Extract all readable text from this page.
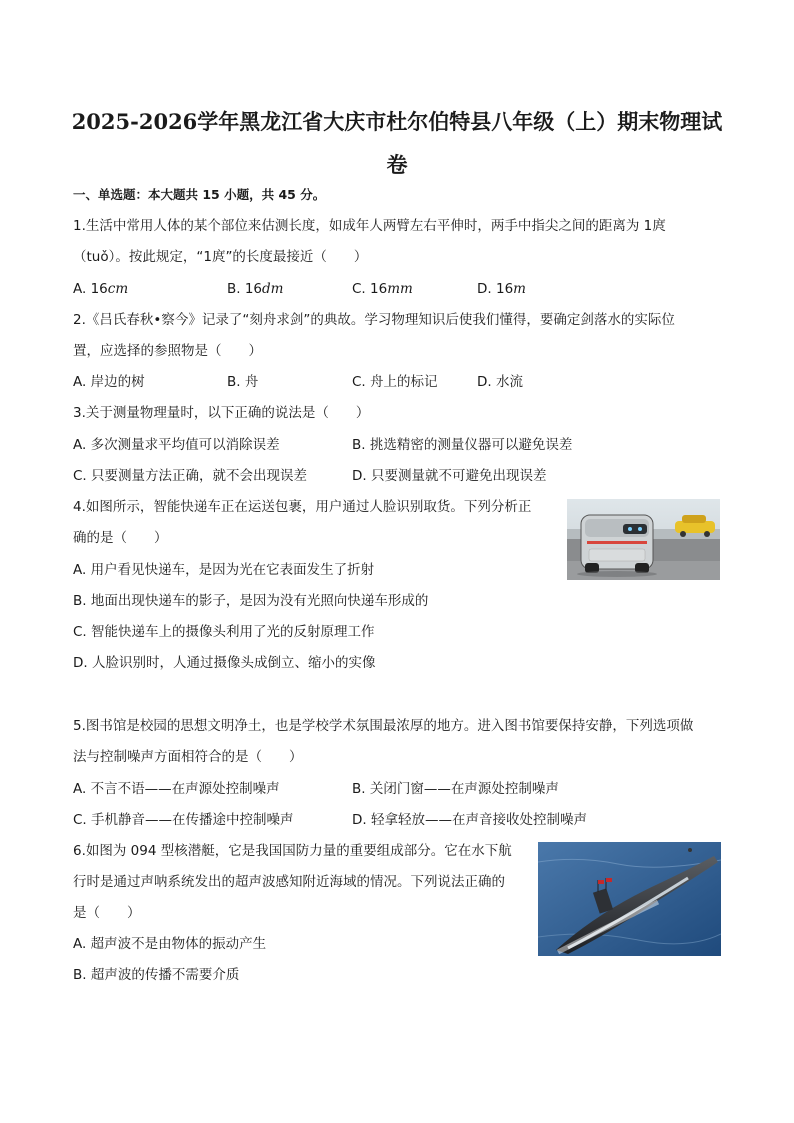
2025-2026学年黑龙江省大庆市杜尔伯特县八年级（上）期末物理试
卷
一、单选题：本大题共 15 小题，共 45 分。
1.生活中常用人体的某个部位来估测长度，如成年人两臂左右平伸时，两手中指尖之间的距离为 1庹
（tuǒ）。按此规定，“1庹”的长度最接近（　　）
A. 16cm	B. 16dm	C. 16mm	D. 16m
2.《吕氏春秋•察今》记录了“刻舟求剑”的典故。学习物理知识后使我们懂得，要确定剑落水的实际位
置，应选择的参照物是（　　）
A. 岸边的树	B. 舟	C. 舟上的标记	D. 水流
3.关于测量物理量时，以下正确的说法是（　　）
A. 多次测量求平均值可以消除误差	B. 挑选精密的测量仪器可以避免误差
C. 只要测量方法正确，就不会出现误差	D. 只要测量就不可避免出现误差
4.如图所示，智能快递车正在运送包裹，用户通过人脸识别取货。下列分析正
确的是（　　）
A. 用户看见快递车，是因为光在它表面发生了折射
B. 地面出现快递车的影子，是因为没有光照向快递车形成的
C. 智能快递车上的摄像头利用了光的反射原理工作
D. 人脸识别时，人通过摄像头成倒立、缩小的实像
5.图书馆是校园的思想文明净土，也是学校学术氛围最浓厚的地方。进入图书馆要保持安静，下列选项做
法与控制噪声方面相符合的是（　　）
A. 不言不语——在声源处控制噪声	B. 关闭门窗——在声源处控制噪声
C. 手机静音——在传播途中控制噪声	D. 轻拿轻放——在声音接收处控制噪声
6.如图为 094 型核潜艇，它是我国国防力量的重要组成部分。它在水下航
行时是通过声呐系统发出的超声波感知附近海域的情况。下列说法正确的
是（　　）
A. 超声波不是由物体的振动产生
B. 超声波的传播不需要介质
